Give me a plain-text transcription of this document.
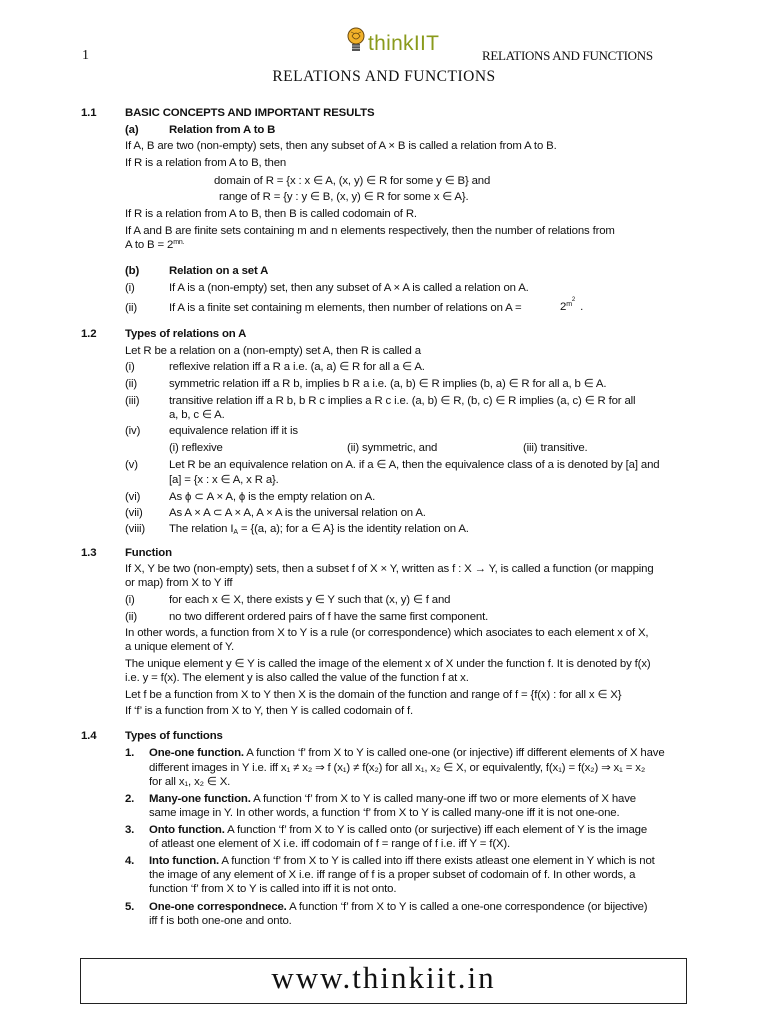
1
thinkIIT
RELATIONS AND FUNCTIONS
RELATIONS AND FUNCTIONS
1.1	BASIC CONCEPTS AND IMPORTANT RESULTS
(a)	Relation from A to B
If A, B are two (non-empty) sets, then any subset of A × B is called a relation from A to B.
If R is a relation from A to B, then
domain of R = {x : x ∈ A, (x, y) ∈ R for some y ∈ B} and
range of R = {y : y ∈ B, (x, y) ∈ R for some x ∈ A}.
If R is a relation from A to B, then B is called codomain of R.
If A and B are finite sets containing m and n elements respectively, then the number of relations from
A to $B = 2^{mn.}$
(b)	Relation on a set A
(i)	If A is a (non-empty) set, then any subset of A × A is called a relation on A.
(ii)	If A is a finite set containing m elements, then number of relations on A =	$2^{m2}$.
1.2	Types of relations on A
Let R be a relation on a (non-empty) set A, then R is called a
(i)	reflexive relation iff a R a i.e. (a, a) ∈ R for all a ∈ A.
(ii)	symmetric relation iff a R b, implies b R a i.e. (a, b) ∈ R implies (b, a) ∈ R for all a, b ∈ A.
(iii)	transitive relation iff a R b, b R c implies a R c i.e. (a, b) ∈ R, (b, c) ∈ R implies (a, c) ∈ R for all
a, b, c ∈ A.
(iv)	equivalence relation iff it is
(i) reflexive	(ii) symmetric, and	(iii) transitive.
(v)	Let R be an equivalence relation on A. if a ∈ A, then the equivalence class of a is denoted by [a] and
[a] = {x : x ∈ A, x R a}.
(vi)	As ϕ ⊂ A × A, ϕ is the empty relation on A.
(vii) As A × A ⊂ A × A, A × A is the universal relation on A.
(viii) The relation $I_A = \{(a$, a); for a ∈ A} is the identity relation on A.
1.3	Function
If X, Y be two (non-empty) sets, then a subset f of X × Y, written as f : X → Y, is called a function (or mapping
or map) from X to Y iff
(i)	for each x ∈ X, there exists y ∈ Y such that (x, y) ∈ f and
(ii)	no two different ordered pairs of f have the same first component.
In other words, a function from X to Y is a rule (or correspondence) which asociates to each element x of X,
a unique element of Y.
The unique element y ∈ Y is called the image of the element x of X under the function f. It is denoted by f(x)
i.e. y = f(x). The element y is also called the value of the function f at x.
Let f be a function from X to Y then X is the domain of the function and range of f = {f(x) : for all x ∈ X}
If ‘f’ is a function from X to Y, then Y is called codomain of f.
1.4	Types of functions
1. One-one function. A function ‘f’ from X to Y is called one-one (or injective) iff different elements of X have
different images in Y i.e. iff x₁ ≠ x₂ ⇒ f (x₁) ≠ f(x₂) for all x₁, x₂ ∈ X, or equivalently, f(x₁) = f(x₂) ⇒ x₁ = x₂
for all x₁, x₂ ∈ X.
2. Many-one function. A function ‘f’ from X to Y is called many-one iff two or more elements of X have
same image in Y. In other words, a function ‘f’ from X to Y is called many-one iff it is not one-one.
3. Onto function. A function ‘f’ from X to Y is called onto (or surjective) iff each element of Y is the image
of atleast one element of X i.e. iff codomain of f = range of f i.e. iff Y = f(X).
4. Into function. A function ‘f’ from X to Y is called into iff there exists atleast one element in Y which is not
the image of any element of X i.e. iff range of f is a proper subset of codomain of f. In other words, a
function ‘f’ from X to Y is called into iff it is not onto.
5. One-one correspondnece. A function ‘f’ from X to Y is called a one-one correspondence (or bijective)
iff f is both one-one and onto.
www.thinkiit.in
